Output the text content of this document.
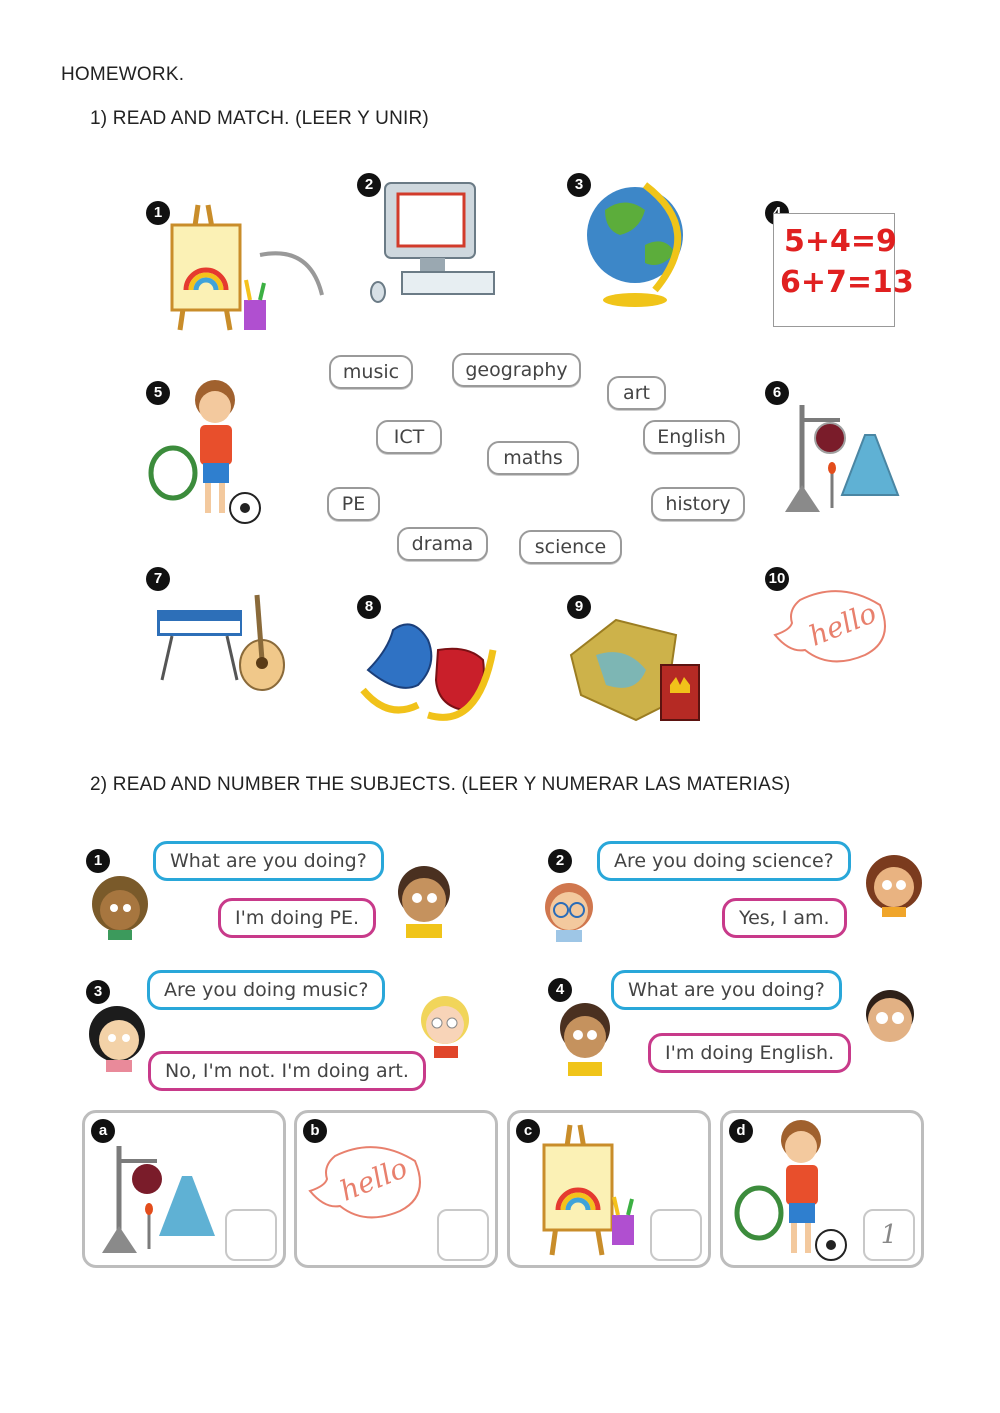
HOMEWORK.
1) READ AND MATCH. (LEER Y UNIR)
1
2	3
5+4=9
6+7=13
5
music	geography
art
ICT
maths
English
PE	history
drama	science
6
7
8	9
10
hello
2) READ AND NUMBER THE SUBJECTS. (LEER Y NUMERAR LAS MATERIAS)
1	What are you doing?
I'm doing PE.
2	Are you doing science?
Yes, I am.
3	Are you doing music?
No, I'm not. I'm doing art.
4	What are you doing?
I'm doing English.
a	b
hello
c	d
1
